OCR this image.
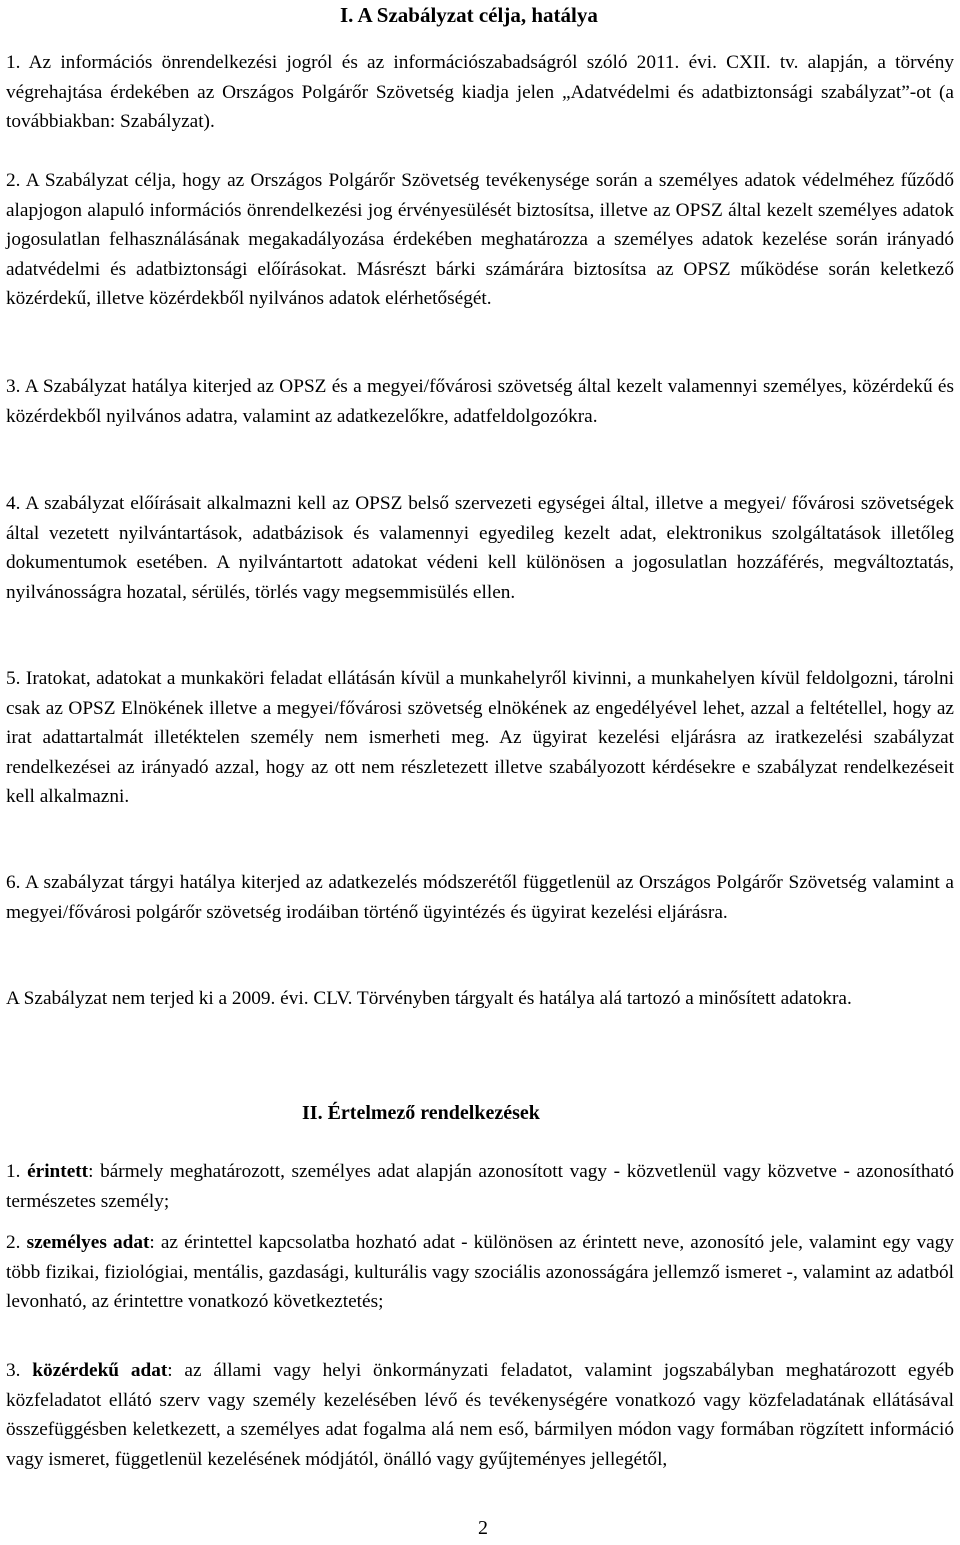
I. A Szabályzat célja, hatálya

1. Az információs önrendelkezési jogról és az információszabadságról szóló 2011. évi. CXII. tv. alapján, a törvény végrehajtása érdekében az Országos Polgárőr Szövetség kiadja jelen „Adatvédelmi és adatbiztonsági szabályzat”-ot (a továbbiakban: Szabályzat).

2. A Szabályzat célja, hogy az Országos Polgárőr Szövetség tevékenysége során a személyes adatok védelméhez fűződő alapjogon alapuló információs önrendelkezési jog érvényesülését biztosítsa, illetve az OPSZ által kezelt személyes adatok jogosulatlan felhasználásának megakadályozása érdekében meghatározza a személyes adatok kezelése során irányadó adatvédelmi és adatbiztonsági előírásokat. Másrészt bárki számárára biztosítsa az OPSZ működése során keletkező közérdekű, illetve közérdekből nyilvános adatok elérhetőségét.

3. A Szabályzat hatálya kiterjed az OPSZ és a megyei/fővárosi szövetség által kezelt valamennyi személyes, közérdekű és közérdekből nyilvános adatra, valamint az adatkezelőkre, adatfeldolgozókra.

4. A szabályzat előírásait alkalmazni kell az OPSZ belső szervezeti egységei által, illetve a megyei/ fővárosi szövetségek által vezetett nyilvántartások, adatbázisok és valamennyi egyedileg kezelt adat, elektronikus szolgáltatások illetőleg dokumentumok esetében. A nyilvántartott adatokat védeni kell különösen a jogosulatlan hozzáférés, megváltoztatás, nyilvánosságra hozatal, sérülés, törlés vagy megsemmisülés ellen.

5. Iratokat, adatokat a munkaköri feladat ellátásán kívül a munkahelyről kivinni, a munkahelyen kívül feldolgozni, tárolni csak az OPSZ Elnökének illetve a megyei/fővárosi szövetség elnökének az engedélyével lehet, azzal a feltétellel, hogy az irat adattartalmát illetéktelen személy nem ismerheti meg. Az ügyirat kezelési eljárásra az iratkezelési szabályzat rendelkezései az irányadó azzal, hogy az ott nem részletezett illetve szabályozott kérdésekre e szabályzat rendelkezéseit kell alkalmazni.

6. A szabályzat tárgyi hatálya kiterjed az adatkezelés módszerétől függetlenül az Országos Polgárőr Szövetség valamint a megyei/fővárosi polgárőr szövetség irodáiban történő ügyintézés és ügyirat kezelési eljárásra.

A Szabályzat nem terjed ki a 2009. évi. CLV. Törvényben tárgyalt és hatálya alá tartozó a minősített adatokra.

II. Értelmező rendelkezések

1. érintett: bármely meghatározott, személyes adat alapján azonosított vagy - közvetlenül vagy közvetve - azonosítható természetes személy;

2. személyes adat: az érintettel kapcsolatba hozható adat - különösen az érintett neve, azonosító jele, valamint egy vagy több fizikai, fiziológiai, mentális, gazdasági, kulturális vagy szociális azonosságára jellemző ismeret -, valamint az adatból levonható, az érintettre vonatkozó következtetés;

3. közérdekű adat: az állami vagy helyi önkormányzati feladatot, valamint jogszabályban meghatározott egyéb közfeladatot ellátó szerv vagy személy kezelésében lévő és tevékenységére vonatkozó vagy közfeladatának ellátásával összefüggésben keletkezett, a személyes adat fogalma alá nem eső, bármilyen módon vagy formában rögzített információ vagy ismeret, függetlenül kezelésének módjától, önálló vagy gyűjteményes jellegétől,

2
